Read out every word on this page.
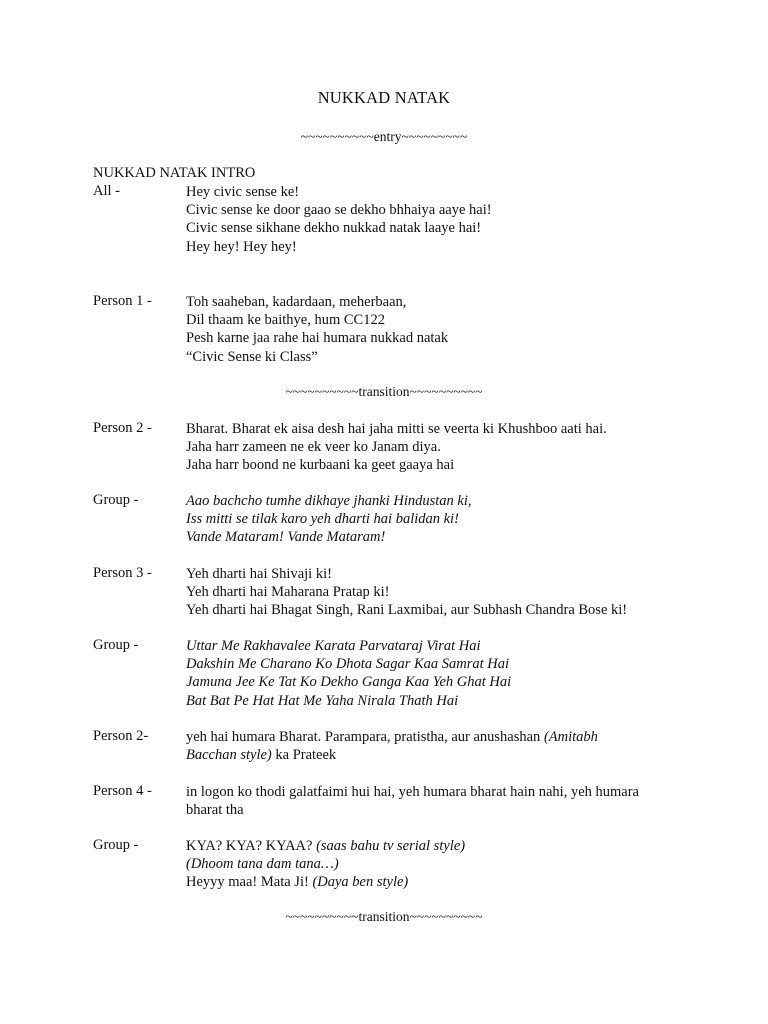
NUKKAD NATAK
~~~~~~~~~~entry~~~~~~~~~
NUKKAD NATAK INTRO
All -	Hey civic sense ke!
Civic sense ke door gaao se dekho bhhaiya aaye hai!
Civic sense sikhane dekho nukkad natak laaye hai!
Hey hey! Hey hey!
Person 1 -	Toh saaheban, kadardaan, meherbaan,
Dil thaam ke baithye, hum CC122
Pesh karne jaa rahe hai humara nukkad natak
“Civic Sense ki Class”
~~~~~~~~~~transition~~~~~~~~~~
Person 2 -	Bharat. Bharat ek aisa desh hai jaha mitti se veerta ki Khushboo aati hai.
Jaha harr zameen ne ek veer ko Janam diya.
Jaha harr boond ne kurbaani ka geet gaaya hai
Group -	Aao bachcho tumhe dikhaye jhanki Hindustan ki,
Iss mitti se tilak karo yeh dharti hai balidan ki!
Vande Mataram! Vande Mataram!
Person 3 -	Yeh dharti hai Shivaji ki!
Yeh dharti hai Maharana Pratap ki!
Yeh dharti hai Bhagat Singh, Rani Laxmibai, aur Subhash Chandra Bose ki!
Group -	Uttar Me Rakhavalee Karata Parvataraj Virat Hai
Dakshin Me Charano Ko Dhota Sagar Kaa Samrat Hai
Jamuna Jee Ke Tat Ko Dekho Ganga Kaa Yeh Ghat Hai
Bat Bat Pe Hat Hat Me Yaha Nirala Thath Hai
Person 2-	yeh hai humara Bharat. Parampara, pratistha, aur anushashan (Amitabh
Bacchan style) ka Prateek
Person 4 -	in logon ko thodi galatfaimi hui hai, yeh humara bharat hain nahi, yeh humara
bharat tha
Group -	KYA? KYA? KYAA? (saas bahu tv serial style)
(Dhoom tana dam tana…)
Heyyy maa! Mata Ji! (Daya ben style)
~~~~~~~~~~transition~~~~~~~~~~
